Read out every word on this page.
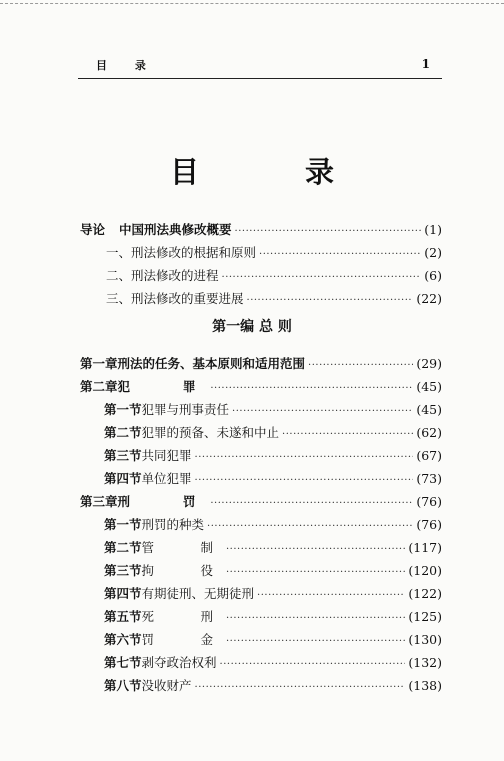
目 录	1
目 录
导论 中国刑法典修改概要 ·····	(1)
一、刑法修改的根据和原则 ·····	(2)
二、刑法修改的进程 ·····	(6)
三、刑法修改的重要进展 ·····	(22)
第一编 总 则
第一章 刑法的任务、基本原则和适用范围 ·····	(29)
第二章 犯　 罪 ·····	(45)
第一节 犯罪与刑事责任 ·····	(45)
第二节 犯罪的预备、未遂和中止 ·····	(62)
第三节 共同犯罪 ·····	(67)
第四节 单位犯罪 ·····	(73)
第三章 刑　 罚 ·····	(76)
第一节 刑罚的种类 ·····	(76)
第二节 管　 制 ·····	(117)
第三节 拘　 役 ·····	(120)
第四节 有期徒刑、无期徒刑 ·····	(122)
第五节 死　 刑 ·····	(125)
第六节 罚　 金 ·····	(130)
第七节 剥夺政治权利 ·····	(132)
第八节 没收财产 ·····	(138)
